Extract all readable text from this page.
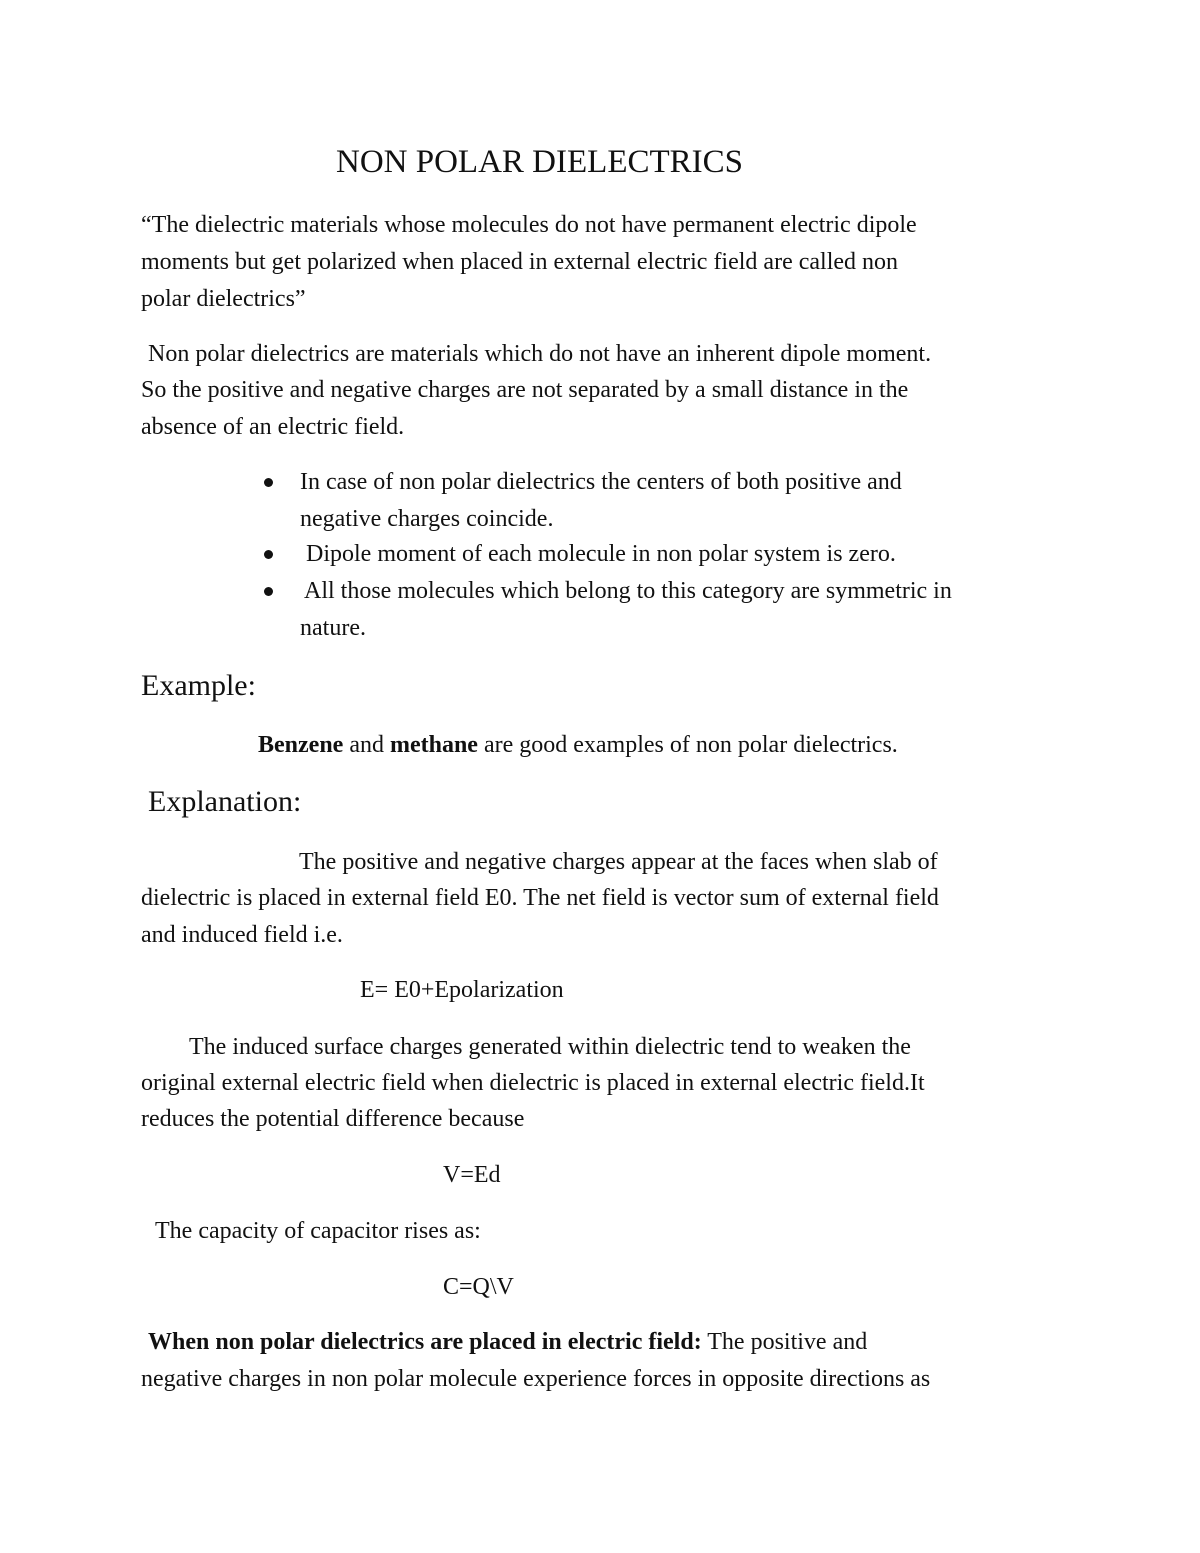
NON POLAR DIELECTRICS
“The dielectric materials whose molecules do not have permanent electric dipole
moments but get polarized when placed in external electric field are called non
polar dielectrics”
Non polar dielectrics are materials which do not have an inherent dipole moment.
So the positive and negative charges are not separated by a small distance in the
absence of an electric field.
In case of non polar dielectrics the centers of both positive and
negative charges coincide.
Dipole moment of each molecule in non polar system is zero.
All those molecules which belong to this category are symmetric in
nature.
Example:
Benzene and methane are good examples of non polar dielectrics.
Explanation:
The positive and negative charges appear at the faces when slab of
dielectric is placed in external field E0. The net field is vector sum of external field
and induced field i.e.
E= E0+Epolarization
The induced surface charges generated within dielectric tend to weaken the
original external electric field when dielectric is placed in external electric field.It
reduces the potential difference because
V=Ed
The capacity of capacitor rises as:
C=Q\V
When non polar dielectrics are placed in electric field: The positive and
negative charges in non polar molecule experience forces in opposite directions as
